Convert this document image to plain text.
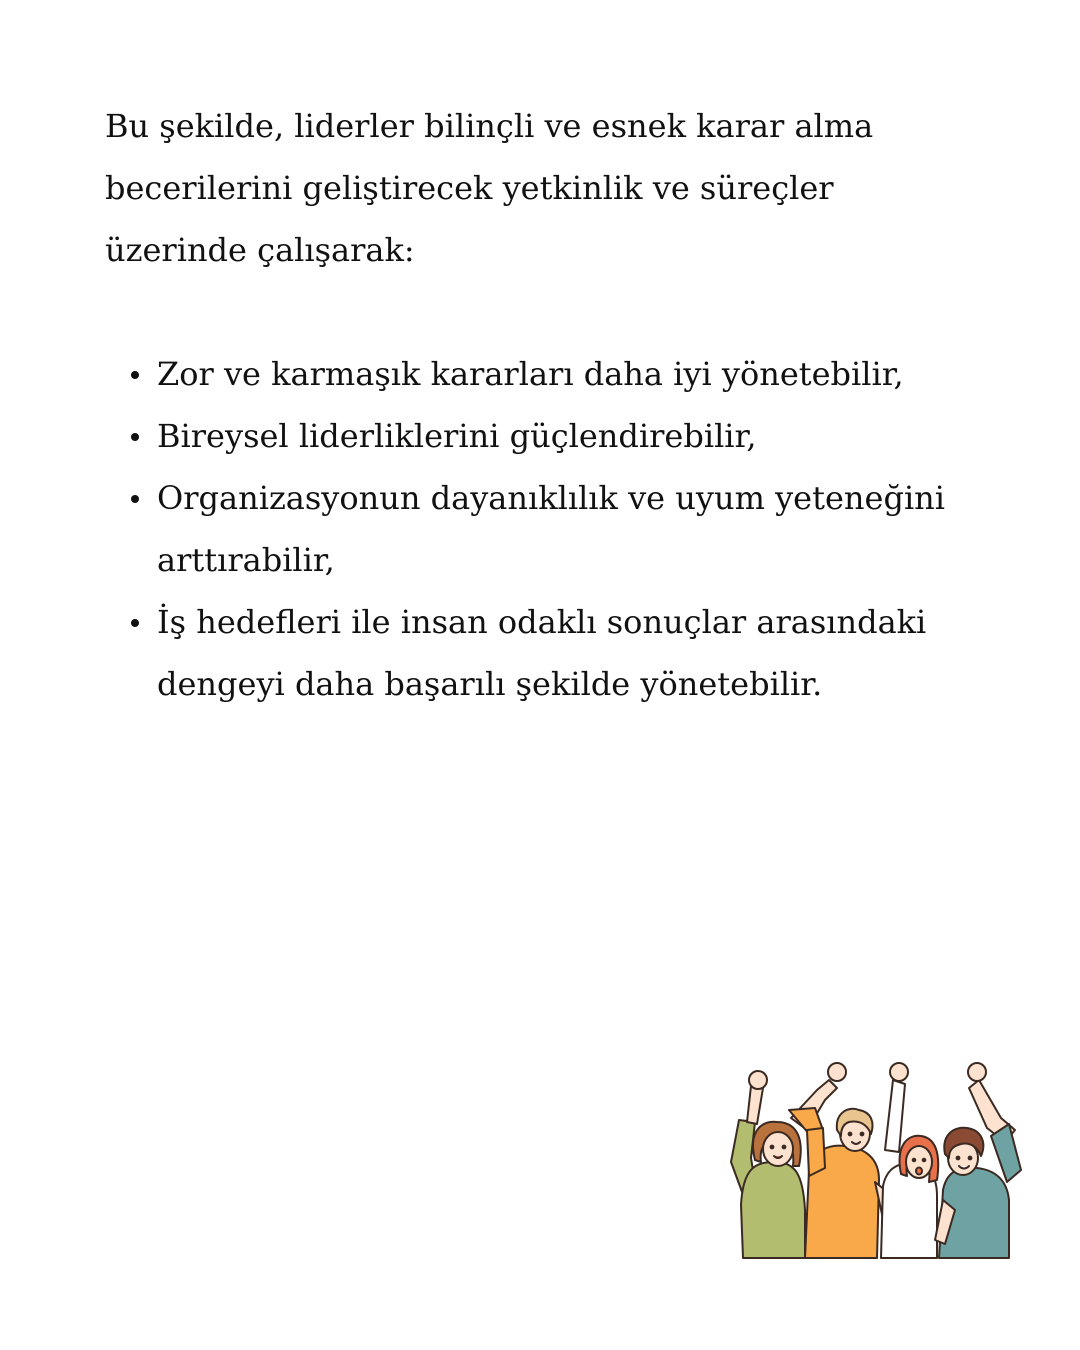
Bu şekilde, liderler bilinçli ve esnek karar alma becerilerini geliştirecek yetkinlik ve süreçler üzerinde çalışarak:

Zor ve karmaşık kararları daha iyi yönetebilir,
Bireysel liderliklerini güçlendirebilir,
Organizasyonun dayanıklılık ve uyum yeteneğini arttırabilir,
İş hedefleri ile insan odaklı sonuçlar arasındaki dengeyi daha başarılı şekilde yönetebilir.
